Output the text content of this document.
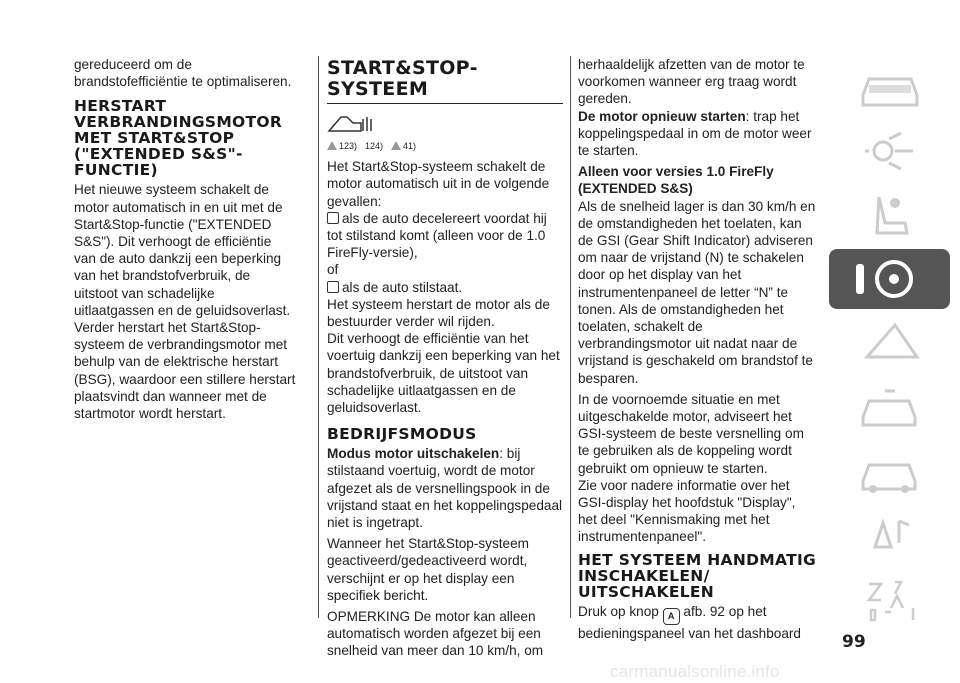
gereduceerd om de brandstofefficiëntie te optimaliseren.

HERSTART VERBRANDINGSMOTOR MET START&STOP ("EXTENDED S&S"-FUNCTIE)

Het nieuwe systeem schakelt de motor automatisch in en uit met de Start&Stop-functie ("EXTENDED S&S"). Dit verhoogt de efficiëntie van de auto dankzij een beperking van het brandstofverbruik, de uitstoot van schadelijke uitlaatgassen en de geluidsoverlast. Verder herstart het Start&Stop-systeem de verbrandingsmotor met behulp van de elektrische herstart (BSG), waardoor een stillere herstart plaatsvindt dan wanneer met de startmotor wordt herstart.

START&STOP-SYSTEEM
123) 124)	41)

Het Start&Stop-systeem schakelt de motor automatisch uit in de volgende gevallen:

als de auto decelereert voordat hij tot stilstand komt (alleen voor de 1.0 FireFly-versie),

of

als de auto stilstaat.

Het systeem herstart de motor als de bestuurder verder wil rijden.

Dit verhoogt de efficiëntie van het voertuig dankzij een beperking van het brandstofverbruik, de uitstoot van schadelijke uitlaatgassen en de geluidsoverlast.

BEDRIJFSMODUS

Modus motor uitschakelen: bij stilstaand voertuig, wordt de motor afgezet als de versnellingspook in de vrijstand staat en het koppelingspedaal niet is ingetrapt.

Wanneer het Start&Stop-systeem geactiveerd/gedeactiveerd wordt, verschijnt er op het display een specifiek bericht.

OPMERKING De motor kan alleen automatisch worden afgezet bij een snelheid van meer dan 10 km/h, om

herhaaldelijk afzetten van de motor te voorkomen wanneer erg traag wordt gereden.

De motor opnieuw starten: trap het koppelingspedaal in om de motor weer te starten.

Alleen voor versies 1.0 FireFly (EXTENDED S&S)

Als de snelheid lager is dan 30 km/h en de omstandigheden het toelaten, kan de GSI (Gear Shift Indicator) adviseren om naar de vrijstand (N) te schakelen door op het display van het instrumentenpaneel de letter “N” te tonen. Als de omstandigheden het toelaten, schakelt de verbrandingsmotor uit nadat naar de vrijstand is geschakeld om brandstof te besparen.

In de voornoemde situatie en met uitgeschakelde motor, adviseert het GSI-systeem de beste versnelling om te gebruiken als de koppeling wordt gebruikt om opnieuw te starten.

Zie voor nadere informatie over het GSI-display het hoofdstuk "Display", het deel "Kennismaking met het instrumentenpaneel".

HET SYSTEEM HANDMATIG INSCHAKELEN/ UITSCHAKELEN

Druk op knop A afb. 92 op het bedieningspaneel van het dashboard	99
carmanualsonline.info
